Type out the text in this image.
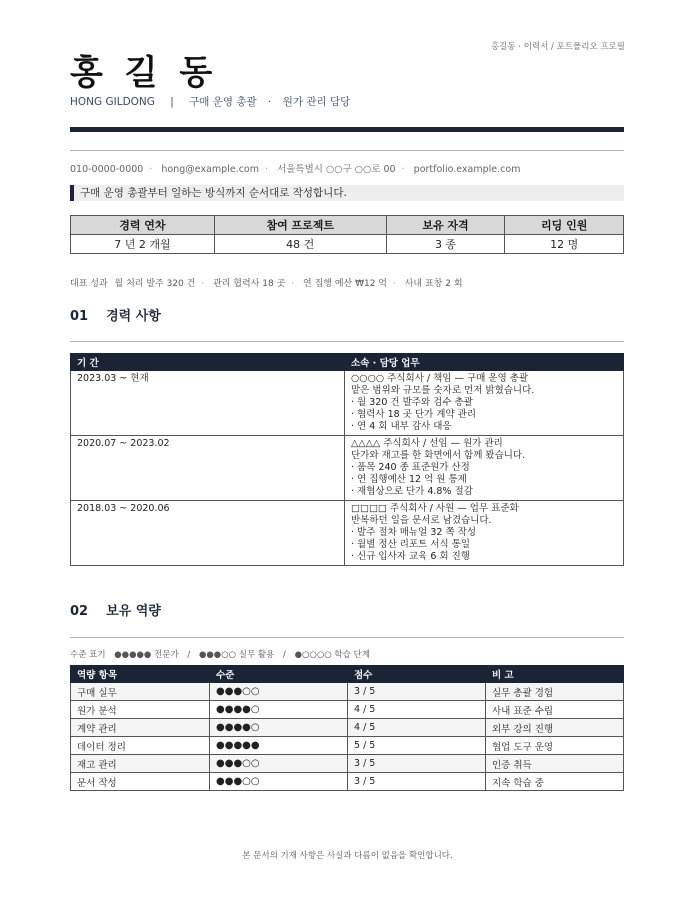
홍길동 · 이력서 / 포트폴리오 프로필
홍 길 동
HONG GILDONG | 구매 운영 총괄 · 원가 관리 담당
010-0000-0000 · hong@example.com · 서울특별시 ○○구 ○○로 00 · portfolio.example.com
구매 운영 총괄부터 일하는 방식까지 순서대로 작성합니다.
경력 연차	참여 프로젝트	보유 자격	리딩 인원
7 년 2 개월	48 건	3 종	12 명
대표 성과 월 처리 발주 320 건 · 관리 협력사 18 곳 · 연 집행 예산 ₩12 억 · 사내 표창 2 회
01 경력 사항
기 간	소속 · 담당 업무
2023.03 ~ 현재	○○○○ 주식회사 / 책임 — 구매 운영 총괄
맡은 범위와 규모를 숫자로 먼저 밝혔습니다.
· 월 320 건 발주와 검수 총괄
· 협력사 18 곳 단가 계약 관리
· 연 4 회 내부 감사 대응

2020.07 ~ 2023.02	△△△△ 주식회사 / 선임 — 원가 관리
단가와 재고를 한 화면에서 함께 봤습니다.
· 품목 240 종 표준원가 산정
· 연 집행예산 12 억 원 통제
· 재협상으로 단가 4.8% 절감

2018.03 ~ 2020.06	□□□□ 주식회사 / 사원 — 업무 표준화
반복하던 일을 문서로 남겼습니다.
· 발주 절차 매뉴얼 32 쪽 작성
· 월별 정산 리포트 서식 통일
· 신규 입사자 교육 6 회 진행
02 보유 역량
수준 표기 ●●●●● 전문가 / ●●●○○ 실무 활용 / ●○○○○ 학습 단계
역량 항목	수준	점수	비 고
구매 실무	●●●○○	3 / 5	실무 총괄 경험
원가 분석	●●●●○	4 / 5	사내 표준 수립
계약 관리	●●●●○	4 / 5	외부 강의 진행
데이터 정리	●●●●●	5 / 5	협업 도구 운영
재고 관리	●●●○○	3 / 5	인증 취득
문서 작성	●●●○○	3 / 5	지속 학습 중
본 문서의 기재 사항은 사실과 다름이 없음을 확인합니다.
